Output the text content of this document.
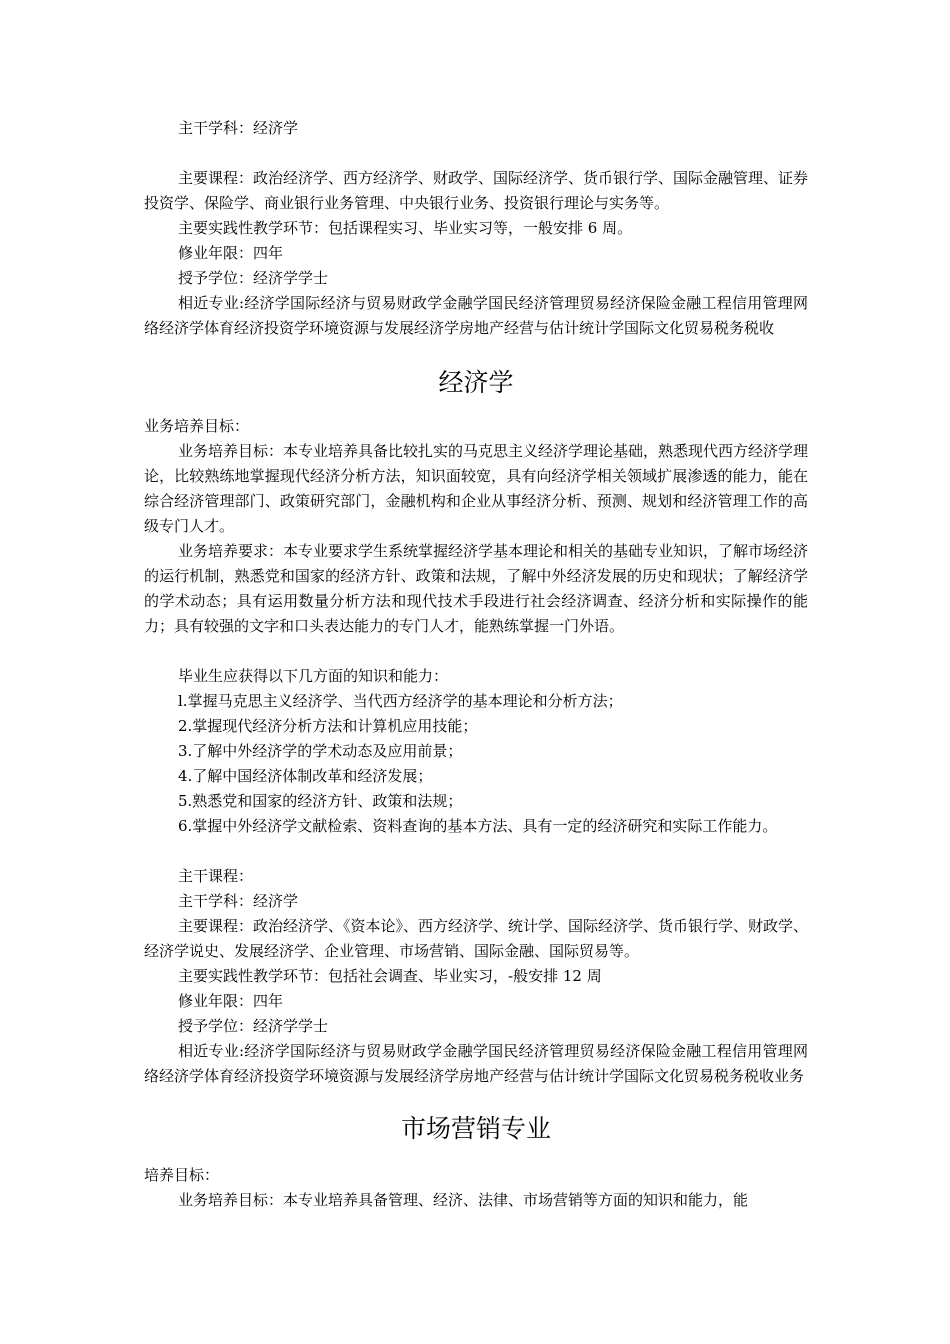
主干学科：经济学

主要课程：政治经济学、西方经济学、财政学、国际经济学、货币银行学、国际金融管理、证券投资学、保险学、商业银行业务管理、中央银行业务、投资银行理论与实务等。

主要实践性教学环节：包括课程实习、毕业实习等，一般安排 6 周。

修业年限：四年

授予学位：经济学学士

相近专业:经济学国际经济与贸易财政学金融学国民经济管理贸易经济保险金融工程信用管理网络经济学体育经济投资学环境资源与发展经济学房地产经营与估计统计学国际文化贸易税务税收

经济学

业务培养目标：

业务培养目标：本专业培养具备比较扎实的马克思主义经济学理论基础，熟悉现代西方经济学理论，比较熟练地掌握现代经济分析方法，知识面较宽，具有向经济学相关领域扩展渗透的能力，能在综合经济管理部门、政策研究部门，金融机构和企业从事经济分析、预测、规划和经济管理工作的高级专门人才。

业务培养要求：本专业要求学生系统掌握经济学基本理论和相关的基础专业知识，了解市场经济的运行机制，熟悉党和国家的经济方针、政策和法规，了解中外经济发展的历史和现状；了解经济学的学术动态；具有运用数量分析方法和现代技术手段进行社会经济调查、经济分析和实际操作的能力；具有较强的文字和口头表达能力的专门人才，能熟练掌握一门外语。

毕业生应获得以下几方面的知识和能力：

l.掌握马克思主义经济学、当代西方经济学的基本理论和分析方法；

2.掌握现代经济分析方法和计算机应用技能；

3.了解中外经济学的学术动态及应用前景；

4.了解中国经济体制改革和经济发展；

5.熟悉党和国家的经济方针、政策和法规；

6.掌握中外经济学文献检索、资料查询的基本方法、具有一定的经济研究和实际工作能力。

主干课程：

主干学科：经济学

主要课程：政治经济学、《资本论》、西方经济学、统计学、国际经济学、货币银行学、财政学、经济学说史、发展经济学、企业管理、市场营销、国际金融、国际贸易等。

主要实践性教学环节：包括社会调查、毕业实习，-般安排 12 周

修业年限：四年

授予学位：经济学学士

相近专业:经济学国际经济与贸易财政学金融学国民经济管理贸易经济保险金融工程信用管理网络经济学体育经济投资学环境资源与发展经济学房地产经营与估计统计学国际文化贸易税务税收业务

市场营销专业

培养目标：

业务培养目标：本专业培养具备管理、经济、法律、市场营销等方面的知识和能力，能
